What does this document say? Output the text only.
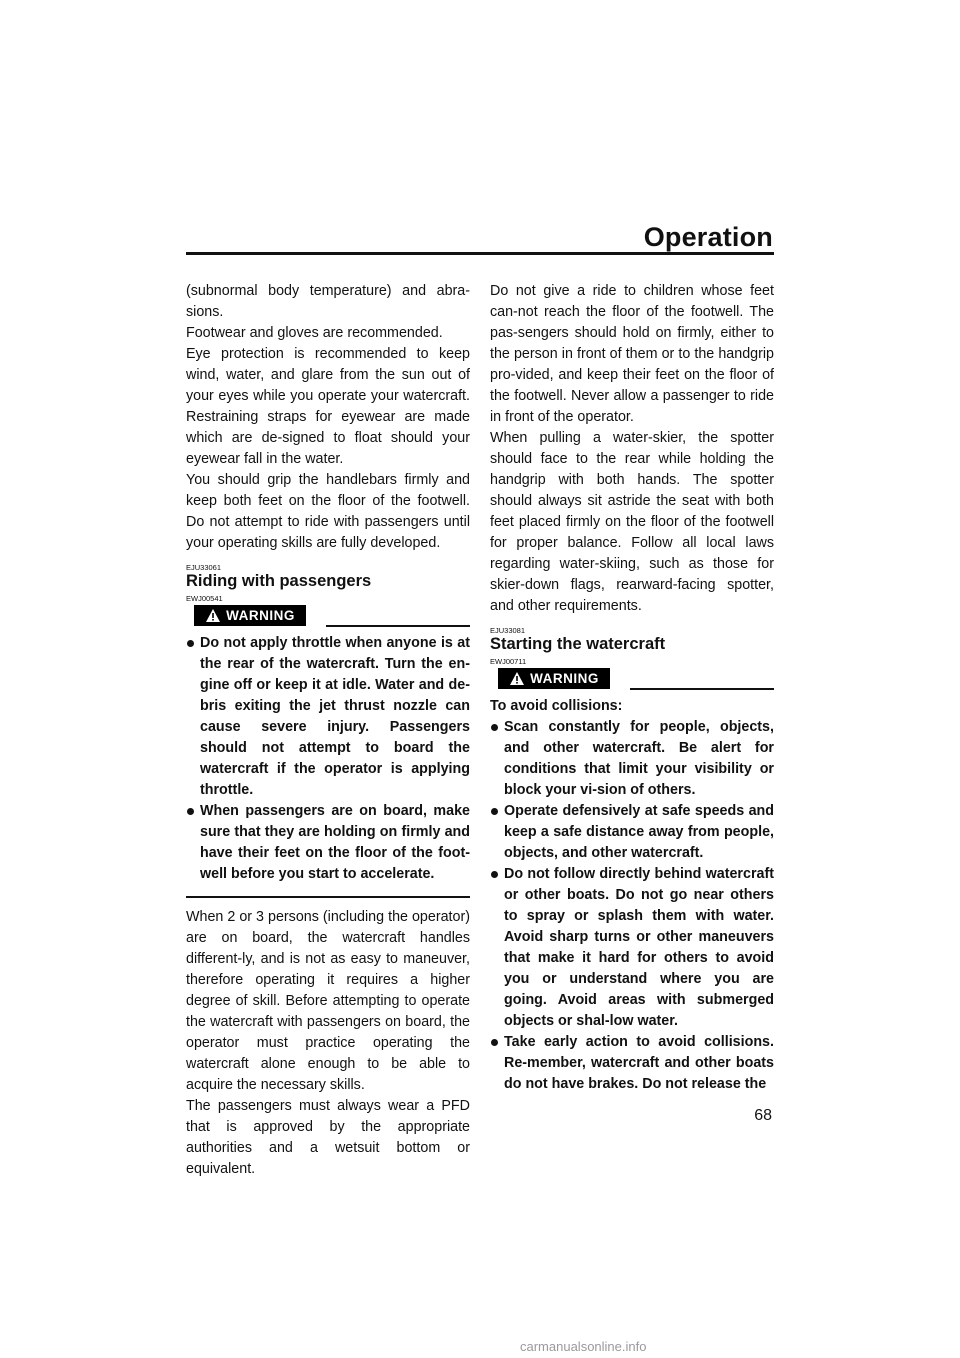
Operation

(subnormal body temperature) and abra-sions.

Footwear and gloves are recommended.

Eye protection is recommended to keep wind, water, and glare from the sun out of your eyes while you operate your watercraft. Restraining straps for eyewear are made which are de-signed to float should your eyewear fall in the water.

You should grip the handlebars firmly and keep both feet on the floor of the footwell. Do not attempt to ride with passengers until your operating skills are fully developed.

EJU33061
Riding with passengers
EWJ00541
WARNING
Do not apply throttle when anyone is at the rear of the watercraft. Turn the en-gine off or keep it at idle. Water and de-bris exiting the jet thrust nozzle can cause severe injury. Passengers should not attempt to board the watercraft if the operator is applying throttle.
When passengers are on board, make sure that they are holding on firmly and have their feet on the floor of the foot-well before you start to accelerate.

When 2 or 3 persons (including the operator) are on board, the watercraft handles different-ly, and is not as easy to maneuver, therefore operating it requires a higher degree of skill. Before attempting to operate the watercraft with passengers on board, the operator must practice operating the watercraft alone enough to be able to acquire the necessary skills.

The passengers must always wear a PFD that is approved by the appropriate authorities and a wetsuit bottom or equivalent.

Do not give a ride to children whose feet can-not reach the floor of the footwell. The pas-sengers should hold on firmly, either to the person in front of them or to the handgrip pro-vided, and keep their feet on the floor of the footwell. Never allow a passenger to ride in front of the operator.

When pulling a water-skier, the spotter should face to the rear while holding the handgrip with both hands. The spotter should always sit astride the seat with both feet placed firmly on the floor of the footwell for proper balance. Follow all local laws regarding water-skiing, such as those for skier-down flags, rearward-facing spotter, and other requirements.

EJU33081
Starting the watercraft
EWJ00711
WARNING

To avoid collisions:

Scan constantly for people, objects, and other watercraft. Be alert for conditions that limit your visibility or block your vi-sion of others.
Operate defensively at safe speeds and keep a safe distance away from people, objects, and other watercraft.
Do not follow directly behind watercraft or other boats. Do not go near others to spray or splash them with water. Avoid sharp turns or other maneuvers that make it hard for others to avoid you or understand where you are going. Avoid areas with submerged objects or shal-low water.
Take early action to avoid collisions. Re-member, watercraft and other boats do not have brakes. Do not release the
68
carmanualsonline.info
